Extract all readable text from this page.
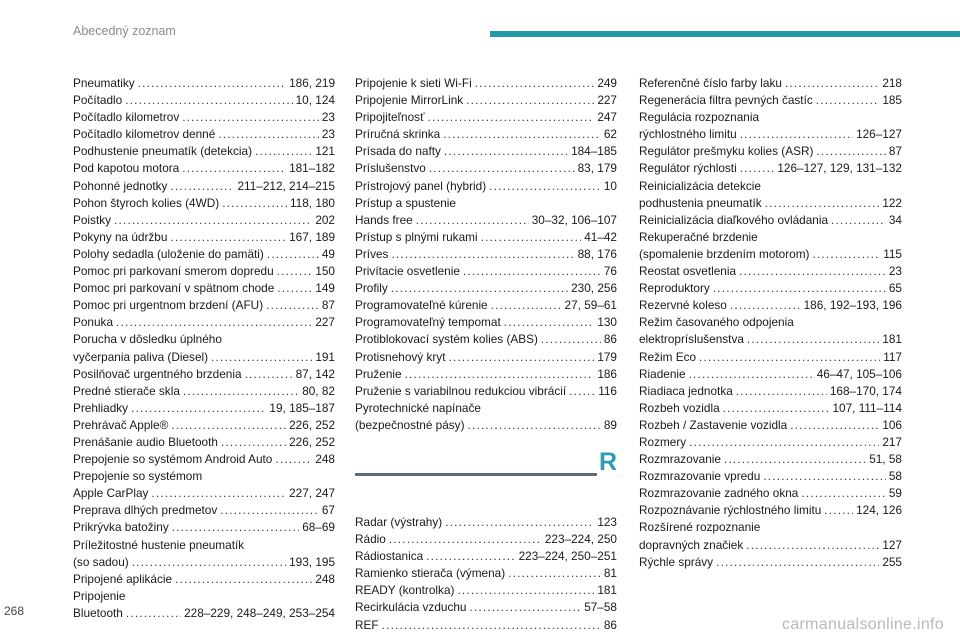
Abecedný zoznam
Pneumatiky .....	186, 219
Počítadlo .....	10, 124
Počítadlo kilometrov .....	23
Počítadlo kilometrov denné .....	23
Podhustenie pneumatík (detekcia) .....	121
Pod kapotou motora .....	181–182
Pohonné jednotky .....	211–212, 214–215
Pohon štyroch kolies (4WD) .....	118, 180
Poistky .....	202
Pokyny na údržbu .....	167, 189
Polohy sedadla (uloženie do pamäti) .....	49
Pomoc pri parkovaní smerom dopredu .....	150
Pomoc pri parkovaní v spätnom chode .....	149
Pomoc pri urgentnom brzdení (AFU) .....	87
Ponuka .....	227
Porucha v dôsledku úplného
vyčerpania paliva (Diesel) .....	191
Posilňovač urgentného brzdenia .....	87, 142
Predné stierače skla .....	80, 82
Prehliadky .....	19, 185–187
Prehrávač Apple® .....	226, 252
Prenášanie audio Bluetooth .....	226, 252
Prepojenie so systémom Android Auto .....	248
Prepojenie so systémom
Apple CarPlay .....	227, 247
Preprava dlhých predmetov .....	67
Prikrývka batožiny .....	68–69
Príležitostné hustenie pneumatík
(so sadou) .....	193, 195
Pripojené aplikácie .....	248
Pripojenie
Bluetooth .....	228–229, 248–249, 253–254
Pripojenie k sieti Wi-Fi .....	249
Pripojenie MirrorLink .....	227
Pripojiteľnosť .....	247
Príručná skrinka .....	62
Prísada do nafty .....	184–185
Príslušenstvo .....	83, 179
Prístrojový panel (hybrid) .....	10
Prístup a spustenie
Hands free .....	30–32, 106–107
Prístup s plnými rukami .....	41–42
Príves .....	88, 176
Privítacie osvetlenie .....	76
Profily .....	230, 256
Programovateľné kúrenie .....	27, 59–61
Programovateľný tempomat .....	130
Protiblokovací systém kolies (ABS) .....	86
Protisnehový kryt .....	179
Pruženie .....	186
Pruženie s variabilnou redukciou vibrácií .....	116
Pyrotechnické napínače
(bezpečnostné pásy) .....	89
R
Radar (výstrahy) .....	123
Rádio .....	223–224, 250
Rádiostanica .....	223–224, 250–251
Ramienko stierača (výmena) .....	81
READY (kontrolka) .....	181
Recirkulácia vzduchu .....	57–58
REF .....	86
Referenčné číslo farby laku .....	218
Regenerácia filtra pevných častíc .....	185
Regulácia rozpoznania
rýchlostného limitu .....	126–127
Regulátor prešmyku kolies (ASR) .....	87
Regulátor rýchlosti .....	126–127, 129, 131–132
Reinicializácia detekcie
podhustenia pneumatík .....	122
Reinicializácia diaľkového ovládania .....	34
Rekuperačné brzdenie
(spomalenie brzdením motorom) .....	115
Reostat osvetlenia .....	23
Reproduktory .....	65
Rezervné koleso .....	186, 192–193, 196
Režim časovaného odpojenia
elektropríslušenstva .....	181
Režim Eco .....	117
Riadenie .....	46–47, 105–106
Riadiaca jednotka .....	168–170, 174
Rozbeh vozidla .....	107, 111–114
Rozbeh / Zastavenie vozidla .....	106
Rozmery .....	217
Rozmrazovanie .....	51, 58
Rozmrazovanie vpredu .....	58
Rozmrazovanie zadného okna .....	59
Rozpoznávanie rýchlostného limitu .....	124, 126
Rozšírené rozpoznanie
dopravných značiek .....	127
Rýchle správy .....	255
268
carmanualsonline.info
